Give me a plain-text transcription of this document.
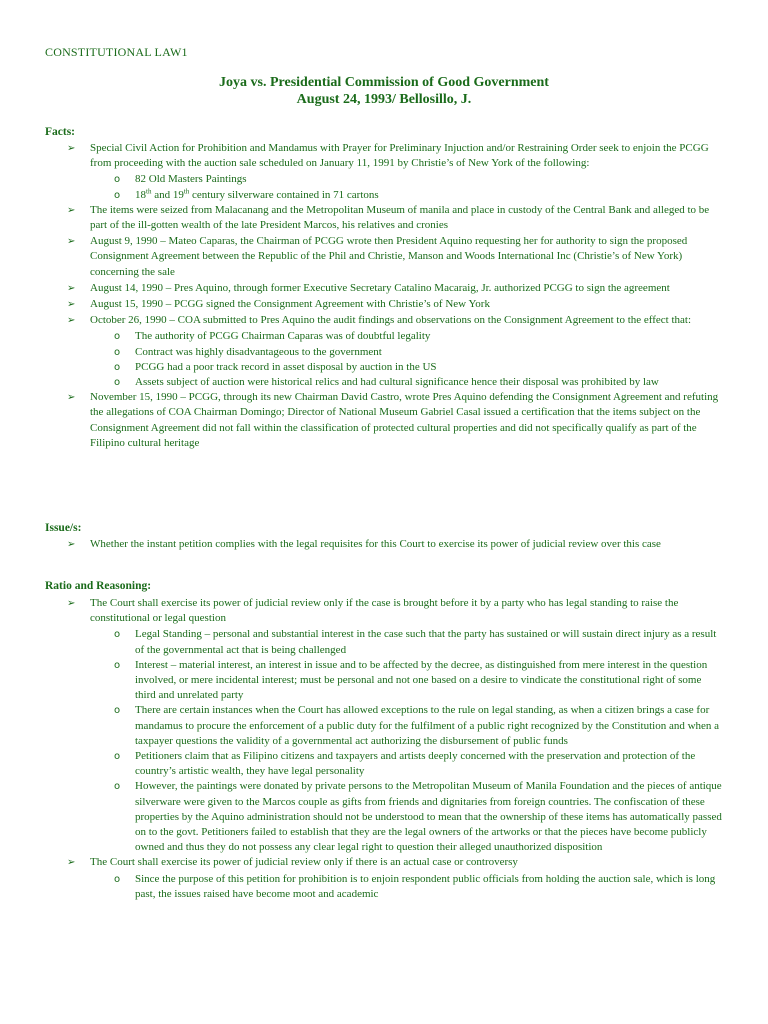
CONSTITUTIONAL LAW1
Joya vs. Presidential Commission of Good Government
August 24, 1993/ Bellosillo, J.
Facts:
➢ Special Civil Action for Prohibition and Mandamus with Prayer for Preliminary Injuction and/or Restraining Order seek to enjoin the PCGG from proceeding with the auction sale scheduled on January 11, 1991 by Christie’s of New York of the following:
o 82 Old Masters Paintings
o 18th and 19th century silverware contained in 71 cartons
➢ The items were seized from Malacanang and the Metropolitan Museum of manila and place in custody of the Central Bank and alleged to be part of the ill-gotten wealth of the late President Marcos, his relatives and cronies
➢ August 9, 1990 – Mateo Caparas, the Chairman of PCGG wrote then President Aquino requesting her for authority to sign the proposed Consignment Agreement between the Republic of the Phil and Christie, Manson and Woods International Inc (Christie’s of New York) concerning the sale
➢ August 14, 1990 – Pres Aquino, through former Executive Secretary Catalino Macaraig, Jr. authorized PCGG to sign the agreement
➢ August 15, 1990 – PCGG signed the Consignment Agreement with Christie’s of New York
➢ October 26, 1990 – COA submitted to Pres Aquino the audit findings and observations on the Consignment Agreement to the effect that:
o The authority of PCGG Chairman Caparas was of doubtful legality
o Contract was highly disadvantageous to the government
o PCGG had a poor track record in asset disposal by auction in the US
o Assets subject of auction were historical relics and had cultural significance hence their disposal was prohibited by law
➢ November 15, 1990 – PCGG, through its new Chairman David Castro, wrote Pres Aquino defending the Consignment Agreement and refuting the allegations of COA Chairman Domingo; Director of National Museum Gabriel Casal issued a certification that the items subject on the Consignment Agreement did not fall within the classification of protected cultural properties and did not specifically qualify as part of the Filipino cultural heritage
Issue/s:
➢ Whether the instant petition complies with the legal requisites for this Court to exercise its power of judicial review over this case
Ratio and Reasoning:
➢ The Court shall exercise its power of judicial review only if the case is brought before it by a party who has legal standing to raise the constitutional or legal question
o Legal Standing – personal and substantial interest in the case such that the party has sustained or will sustain direct injury as a result of the governmental act that is being challenged
o Interest – material interest, an interest in issue and to be affected by the decree, as distinguished from mere interest in the question involved, or mere incidental interest; must be personal and not one based on a desire to vindicate the constitutional right of some third and unrelated party
o There are certain instances when the Court has allowed exceptions to the rule on legal standing, as when a citizen brings a case for mandamus to procure the enforcement of a public duty for the fulfilment of a public right recognized by the Constitution and when a taxpayer questions the validity of a governmental act authorizing the disbursement of public funds
o Petitioners claim that as Filipino citizens and taxpayers and artists deeply concerned with the preservation and protection of the country’s artistic wealth, they have legal personality
o However, the paintings were donated by private persons to the Metropolitan Museum of Manila Foundation and the pieces of antique silverware were given to the Marcos couple as gifts from friends and dignitaries from foreign countries. The confiscation of these properties by the Aquino administration should not be understood to mean that the ownership of these items has automatically passed on to the govt. Petitioners failed to establish that they are the legal owners of the artworks or that the pieces have become publicly owned and thus they do not possess any clear legal right to question their alleged unauthorized disposition
➢ The Court shall exercise its power of judicial review only if there is an actual case or controversy
o Since the purpose of this petition for prohibition is to enjoin respondent public officials from holding the auction sale, which is long past, the issues raised have become moot and academic
